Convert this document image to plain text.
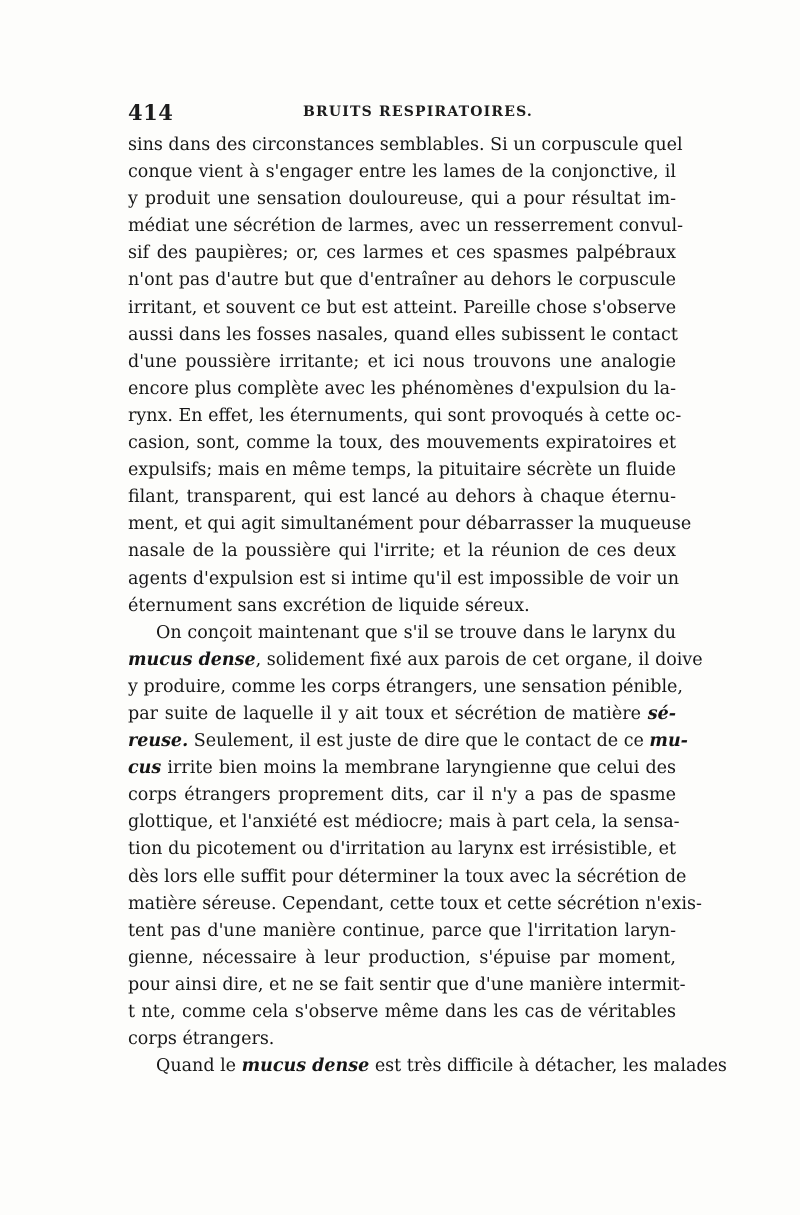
414	BRUITS RESPIRATOIRES.
sins dans des circonstances semblables. Si un corpuscule quel
conque vient à s'engager entre les lames de la conjonctive, il
y produit une sensation douloureuse, qui a pour résultat im-
médiat une sécrétion de larmes, avec un resserrement convul-
sif des paupières; or, ces larmes et ces spasmes palpébraux
n'ont pas d'autre but que d'entraîner au dehors le corpuscule
irritant, et souvent ce but est atteint. Pareille chose s'observe
aussi dans les fosses nasales, quand elles subissent le contact
d'une poussière irritante; et ici nous trouvons une analogie
encore plus complète avec les phénomènes d'expulsion du la-
rynx. En effet, les éternuments, qui sont provoqués à cette oc-
casion, sont, comme la toux, des mouvements expiratoires et
expulsifs; mais en même temps, la pituitaire sécrète un fluide
filant, transparent, qui est lancé au dehors à chaque éternu-
ment, et qui agit simultanément pour débarrasser la muqueuse
nasale de la poussière qui l'irrite; et la réunion de ces deux
agents d'expulsion est si intime qu'il est impossible de voir un
éternument sans excrétion de liquide séreux.
On conçoit maintenant que s'il se trouve dans le larynx du
mucus dense, solidement fixé aux parois de cet organe, il doive
y produire, comme les corps étrangers, une sensation pénible,
par suite de laquelle il y ait toux et sécrétion de matière sé-
reuse. Seulement, il est juste de dire que le contact de ce mu-
cus irrite bien moins la membrane laryngienne que celui des
corps étrangers proprement dits, car il n'y a pas de spasme
glottique, et l'anxiété est médiocre; mais à part cela, la sensa-
tion du picotement ou d'irritation au larynx est irrésistible, et
dès lors elle suffit pour déterminer la toux avec la sécrétion de
matière séreuse. Cependant, cette toux et cette sécrétion n'exis-
tent pas d'une manière continue, parce que l'irritation laryn-
gienne, nécessaire à leur production, s'épuise par moment,
pour ainsi dire, et ne se fait sentir que d'une manière intermit-
t nte, comme cela s'observe même dans les cas de véritables
corps étrangers.
Quand le mucus dense est très difficile à détacher, les malades
